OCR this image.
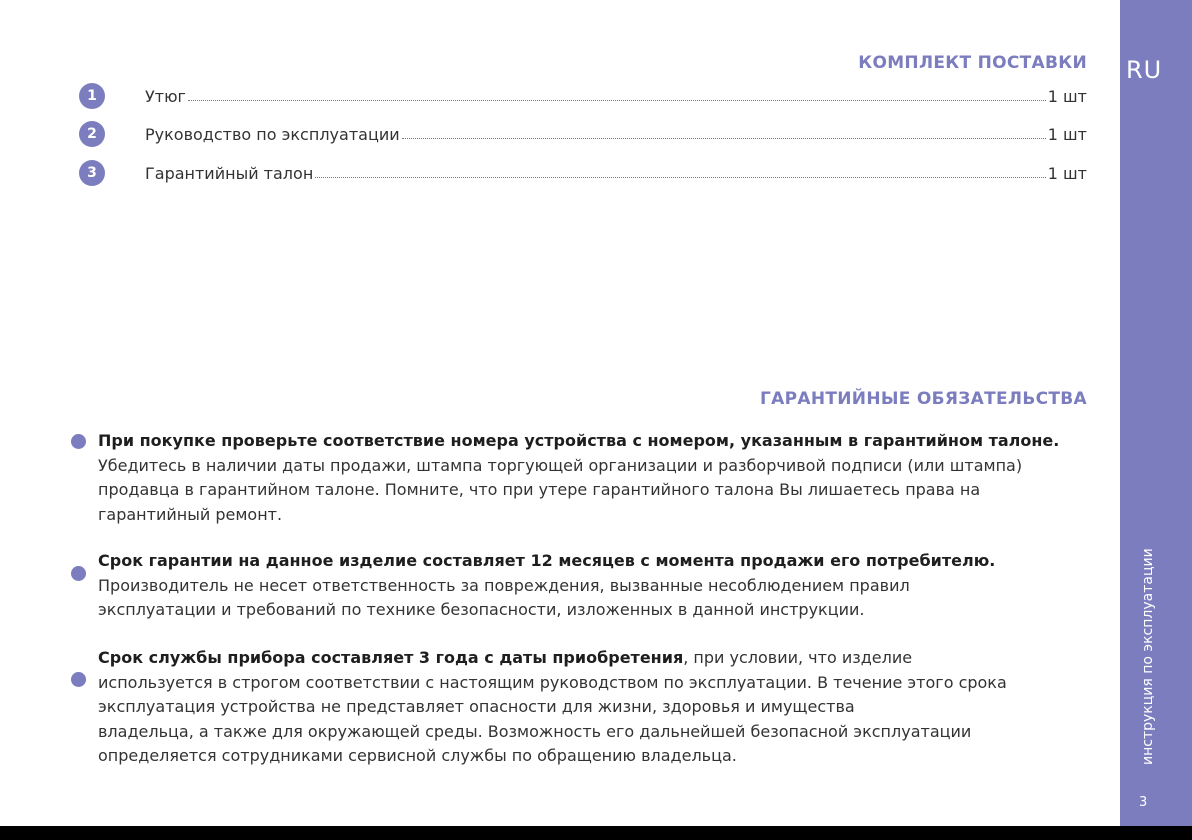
RU
инструкция по эксплуатации
3
КОМПЛЕКТ ПОСТАВКИ
1	Утюг	1 шт
2	Руководство по эксплуатации	1 шт
3	Гарантийный талон	1 шт
ГАРАНТИЙНЫЕ ОБЯЗАТЕЛЬСТВА
При покупке проверьте соответствие номера устройства с номером, указанным в гарантийном талоне.
Убедитесь в наличии даты продажи, штампа торгующей организации и разборчивой подписи (или штампа)
продавца в гарантийном талоне. Помните, что при утере гарантийного талона Вы лишаетесь права на
гарантийный ремонт.
Срок гарантии на данное изделие составляет 12 месяцев с момента продажи его потребителю.
Производитель не несет ответственность за повреждения, вызванные несоблюдением правил
эксплуатации и требований по технике безопасности, изложенных в данной инструкции.
Срок службы прибора составляет 3 года с даты приобретения, при условии, что изделие
используется в строгом соответствии с настоящим руководством по эксплуатации. В течение этого срока
эксплуатация устройства не представляет опасности для жизни, здоровья и имущества
владельца, а также для окружающей среды. Возможность его дальнейшей безопасной эксплуатации
определяется сотрудниками сервисной службы по обращению владельца.
